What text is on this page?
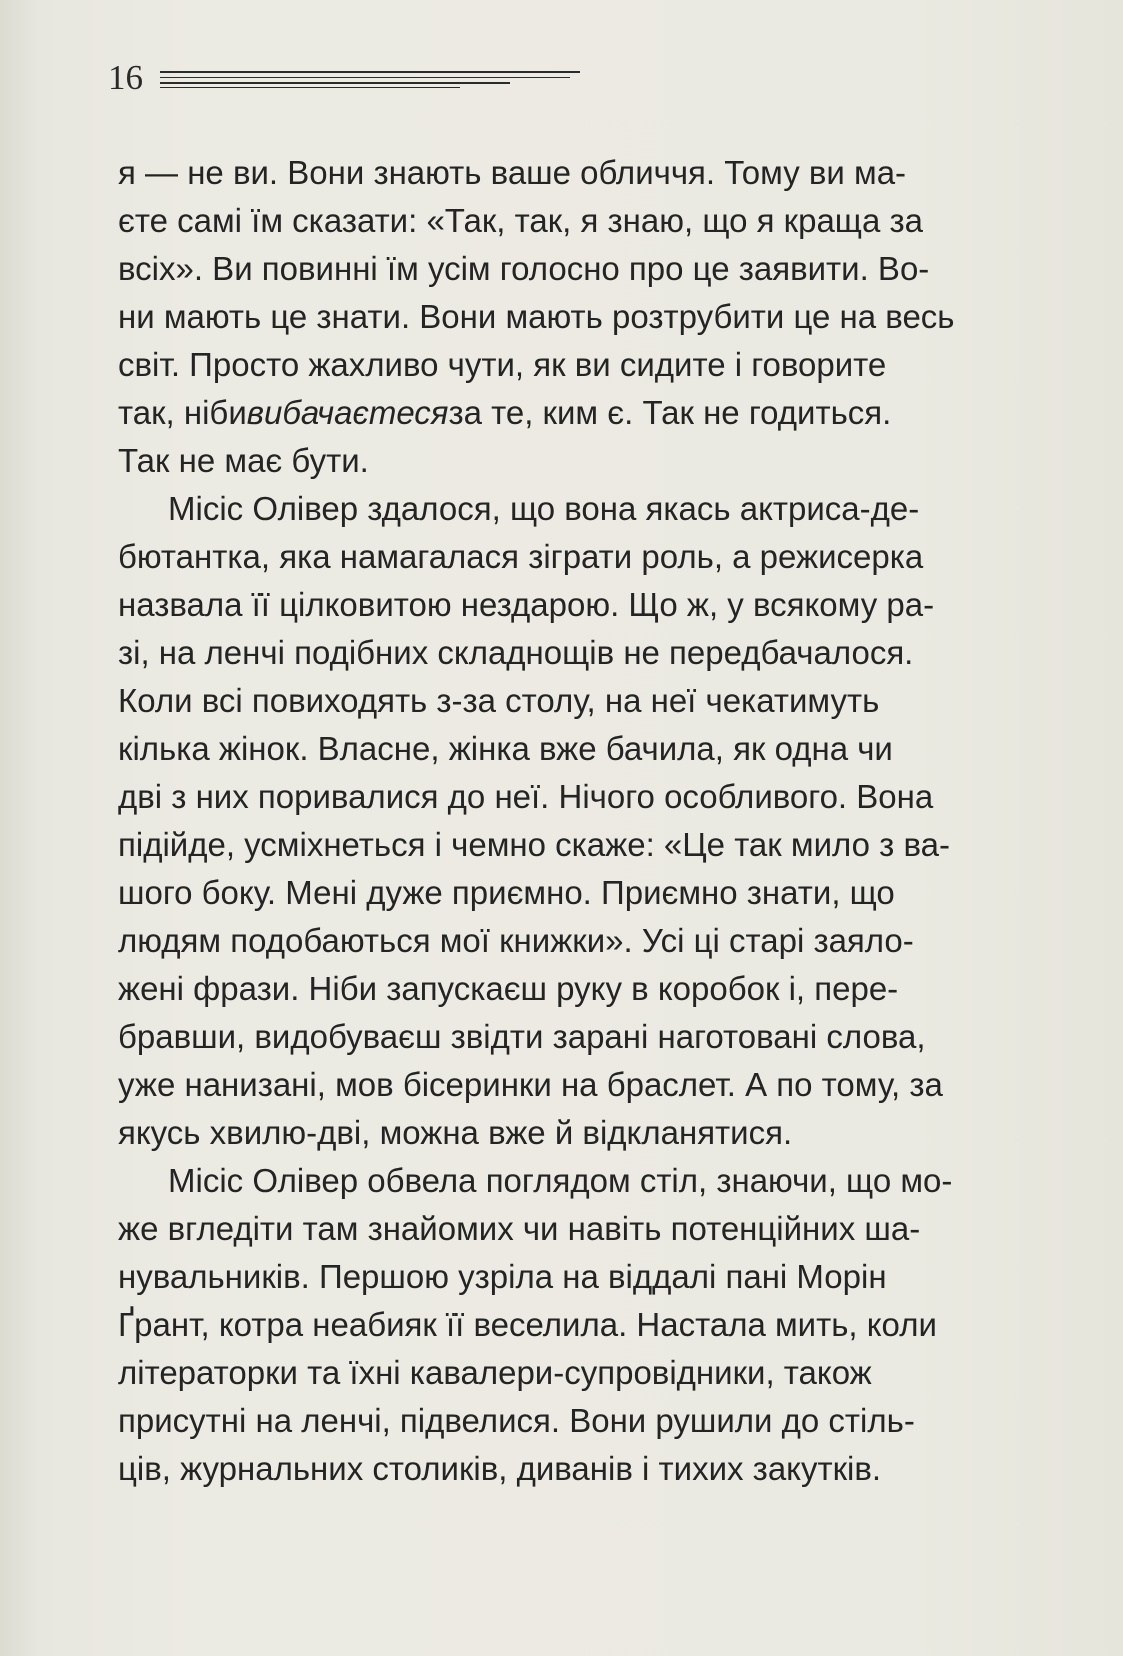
16
я — не ви. Вони знають ваше обличчя. Тому ви ма-
єте самі їм сказати: «Так, так, я знаю, що я краща за
всіх». Ви повинні їм усім голосно про це заявити. Во-
ни мають це знати. Вони мають розтрубити це на весь
світ. Просто жахливо чути, як ви сидите і говорите
так, нібивибачаєтесяза те, ким є. Так не годиться.
Так не має бути.
Місіс Олівер здалося, що вона якась актриса-де-
бютантка, яка намагалася зіграти роль, а режисерка
назвала її цілковитою нездарою. Що ж, у всякому ра-
зі, на ленчі подібних складнощів не передбачалося.
Коли всі повиходять з-за столу, на неї чекатимуть
кілька жінок. Власне, жінка вже бачила, як одна чи
дві з них поривалися до неї. Нічого особливого. Вона
підійде, усміхнеться і чемно скаже: «Це так мило з ва-
шого боку. Мені дуже приємно. Приємно знати, що
людям подобаються мої книжки». Усі ці старі заяло-
жені фрази. Ніби запускаєш руку в коробок і, пере-
бравши, видобуваєш звідти зарані наготовані слова,
уже нанизані, мов бісеринки на браслет. А по тому, за
якусь хвилю-дві, можна вже й відкланятися.
Місіс Олівер обвела поглядом стіл, знаючи, що мо-
же вгледіти там знайомих чи навіть потенційних ша-
нувальників. Першою узріла на віддалі пані Морін
Ґрант, котра неабияк її веселила. Настала мить, коли
літераторки та їхні кавалери-супровідники, також
присутні на ленчі, підвелися. Вони рушили до стіль-
ців, журнальних столиків, диванів і тихих закутків.
